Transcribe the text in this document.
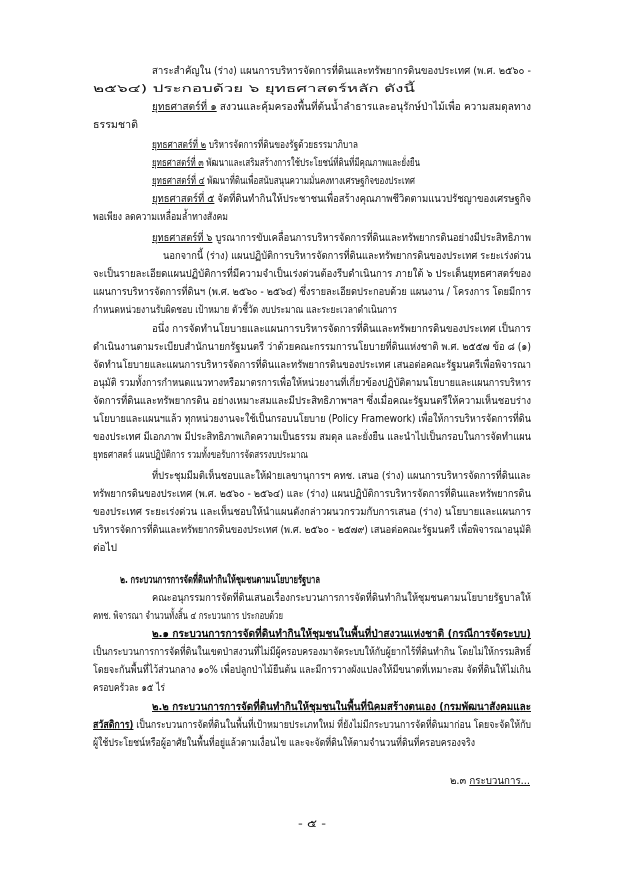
สาระสำคัญใน (ร่าง) แผนการบริหารจัดการที่ดินและทรัพยากรดินของประเทศ (พ.ศ. ๒๕๖๐ -
๒๕๖๔) ประกอบด้วย ๖ ยุทธศาสตร์หลัก ดังนี้
ยุทธศาสตร์ที่ ๑ สงวนและคุ้มครองพื้นที่ต้นน้ำลำธารและอนุรักษ์ป่าไม้เพื่อ ความสมดุลทาง
ธรรมชาติ
ยุทธศาสตร์ที่ ๒ บริหารจัดการที่ดินของรัฐด้วยธรรมาภิบาล
ยุทธศาสตร์ที่ ๓ พัฒนาและเสริมสร้างการใช้ประโยชน์ที่ดินที่มีคุณภาพและยั่งยืน
ยุทธศาสตร์ที่ ๔ พัฒนาที่ดินเพื่อสนับสนุนความมั่นคงทางเศรษฐกิจของประเทศ
ยุทธศาสตร์ที่ ๕ จัดที่ดินทำกินให้ประชาชนเพื่อสร้างคุณภาพชีวิตตามแนวปรัชญาของเศรษฐกิจ
พอเพียง ลดความเหลื่อมล้ำทางสังคม
ยุทธศาสตร์ที่ ๖ บูรณาการขับเคลื่อนการบริหารจัดการที่ดินและทรัพยากรดินอย่างมีประสิทธิภาพ
นอกจากนี้ (ร่าง) แผนปฏิบัติการบริหารจัดการที่ดินและทรัพยากรดินของประเทศ ระยะเร่งด่วน
จะเป็นรายละเอียดแผนปฏิบัติการที่มีความจำเป็นเร่งด่วนต้องรีบดำเนินการ ภายใต้ ๖ ประเด็นยุทธศาสตร์ของ
แผนการบริหารจัดการที่ดินฯ (พ.ศ. ๒๕๖๐ - ๒๕๖๔) ซึ่งรายละเอียดประกอบด้วย แผนงาน / โครงการ โดยมีการ
กำหนดหน่วยงานรับผิดชอบ เป้าหมาย ตัวชี้วัด งบประมาณ และระยะเวลาดำเนินการ
อนึ่ง การจัดทำนโยบายและแผนการบริหารจัดการที่ดินและทรัพยากรดินของประเทศ เป็นการ
ดำเนินงานตามระเบียบสำนักนายกรัฐมนตรี ว่าด้วยคณะกรรมการนโยบายที่ดินแห่งชาติ พ.ศ. ๒๕๕๗ ข้อ ๘ (๑)
จัดทำนโยบายและแผนการบริหารจัดการที่ดินและทรัพยากรดินของประเทศ เสนอต่อคณะรัฐมนตรีเพื่อพิจารณา
อนุมัติ รวมทั้งการกำหนดแนวทางหรือมาตรการเพื่อให้หน่วยงานที่เกี่ยวข้องปฏิบัติตามนโยบายและแผนการบริหาร
จัดการที่ดินและทรัพยากรดิน อย่างเหมาะสมและมีประสิทธิภาพฯลฯ ซึ่งเมื่อคณะรัฐมนตรีให้ความเห็นชอบร่าง
นโยบายและแผนฯแล้ว ทุกหน่วยงานจะใช้เป็นกรอบนโยบาย (Policy Framework) เพื่อให้การบริหารจัดการที่ดิน
ของประเทศ มีเอกภาพ มีประสิทธิภาพเกิดความเป็นธรรม สมดุล และยั่งยืน และนำไปเป็นกรอบในการจัดทำแผน
ยุทธศาสตร์ แผนปฏิบัติการ รวมทั้งขอรับการจัดสรรงบประมาณ
ที่ประชุมมีมติเห็นชอบและให้ฝ่ายเลขานุการฯ คทช. เสนอ (ร่าง) แผนการบริหารจัดการที่ดินและ
ทรัพยากรดินของประเทศ (พ.ศ. ๒๕๖๐ - ๒๕๖๔) และ (ร่าง) แผนปฏิบัติการบริหารจัดการที่ดินและทรัพยากรดิน
ของประเทศ ระยะเร่งด่วน และเห็นชอบให้นำแผนดังกล่าวผนวกรวมกับการเสนอ (ร่าง) นโยบายและแผนการ
บริหารจัดการที่ดินและทรัพยากรดินของประเทศ (พ.ศ. ๒๕๖๐ - ๒๕๗๙) เสนอต่อคณะรัฐมนตรี เพื่อพิจารณาอนุมัติ
ต่อไป
๒. กระบวนการการจัดที่ดินทำกินให้ชุมชนตามนโยบายรัฐบาล
คณะอนุกรรมการจัดที่ดินเสนอเรื่องกระบวนการการจัดที่ดินทำกินให้ชุมชนตามนโยบายรัฐบาลให้
คทช. พิจารณา จำนวนทั้งสิ้น ๔ กระบวนการ ประกอบด้วย
๒.๑ กระบวนการการจัดที่ดินทำกินให้ชุมชนในพื้นที่ป่าสงวนแห่งชาติ (กรณีการจัดระบบ)
เป็นกระบวนการการจัดที่ดินในเขตป่าสงวนที่ไม่มีผู้ครอบครองมาจัดระบบให้กับผู้ยากไร้ที่ดินทำกิน โดยไม่ให้กรรมสิทธิ์
โดยจะกันพื้นที่ไว้ส่วนกลาง ๑๐% เพื่อปลูกป่าไม้ยืนต้น และมีการวางผังแปลงให้มีขนาดที่เหมาะสม จัดที่ดินให้ไม่เกิน
ครอบครัวละ ๑๕ ไร่
๒.๒ กระบวนการการจัดที่ดินทำกินให้ชุมชนในพื้นที่นิคมสร้างตนเอง (กรมพัฒนาสังคมและ
สวัสดิการ) เป็นกระบวนการจัดที่ดินในพื้นที่เป้าหมายประเภทใหม่ ที่ยังไม่มีกระบวนการจัดที่ดินมาก่อน โดยจะจัดให้กับ
ผู้ใช้ประโยชน์หรือผู้อาศัยในพื้นที่อยู่แล้วตามเงื่อนไข และจะจัดที่ดินให้ตามจำนวนที่ดินที่ครอบครองจริง
๒.๓ กระบวนการ...
- ๕ -
